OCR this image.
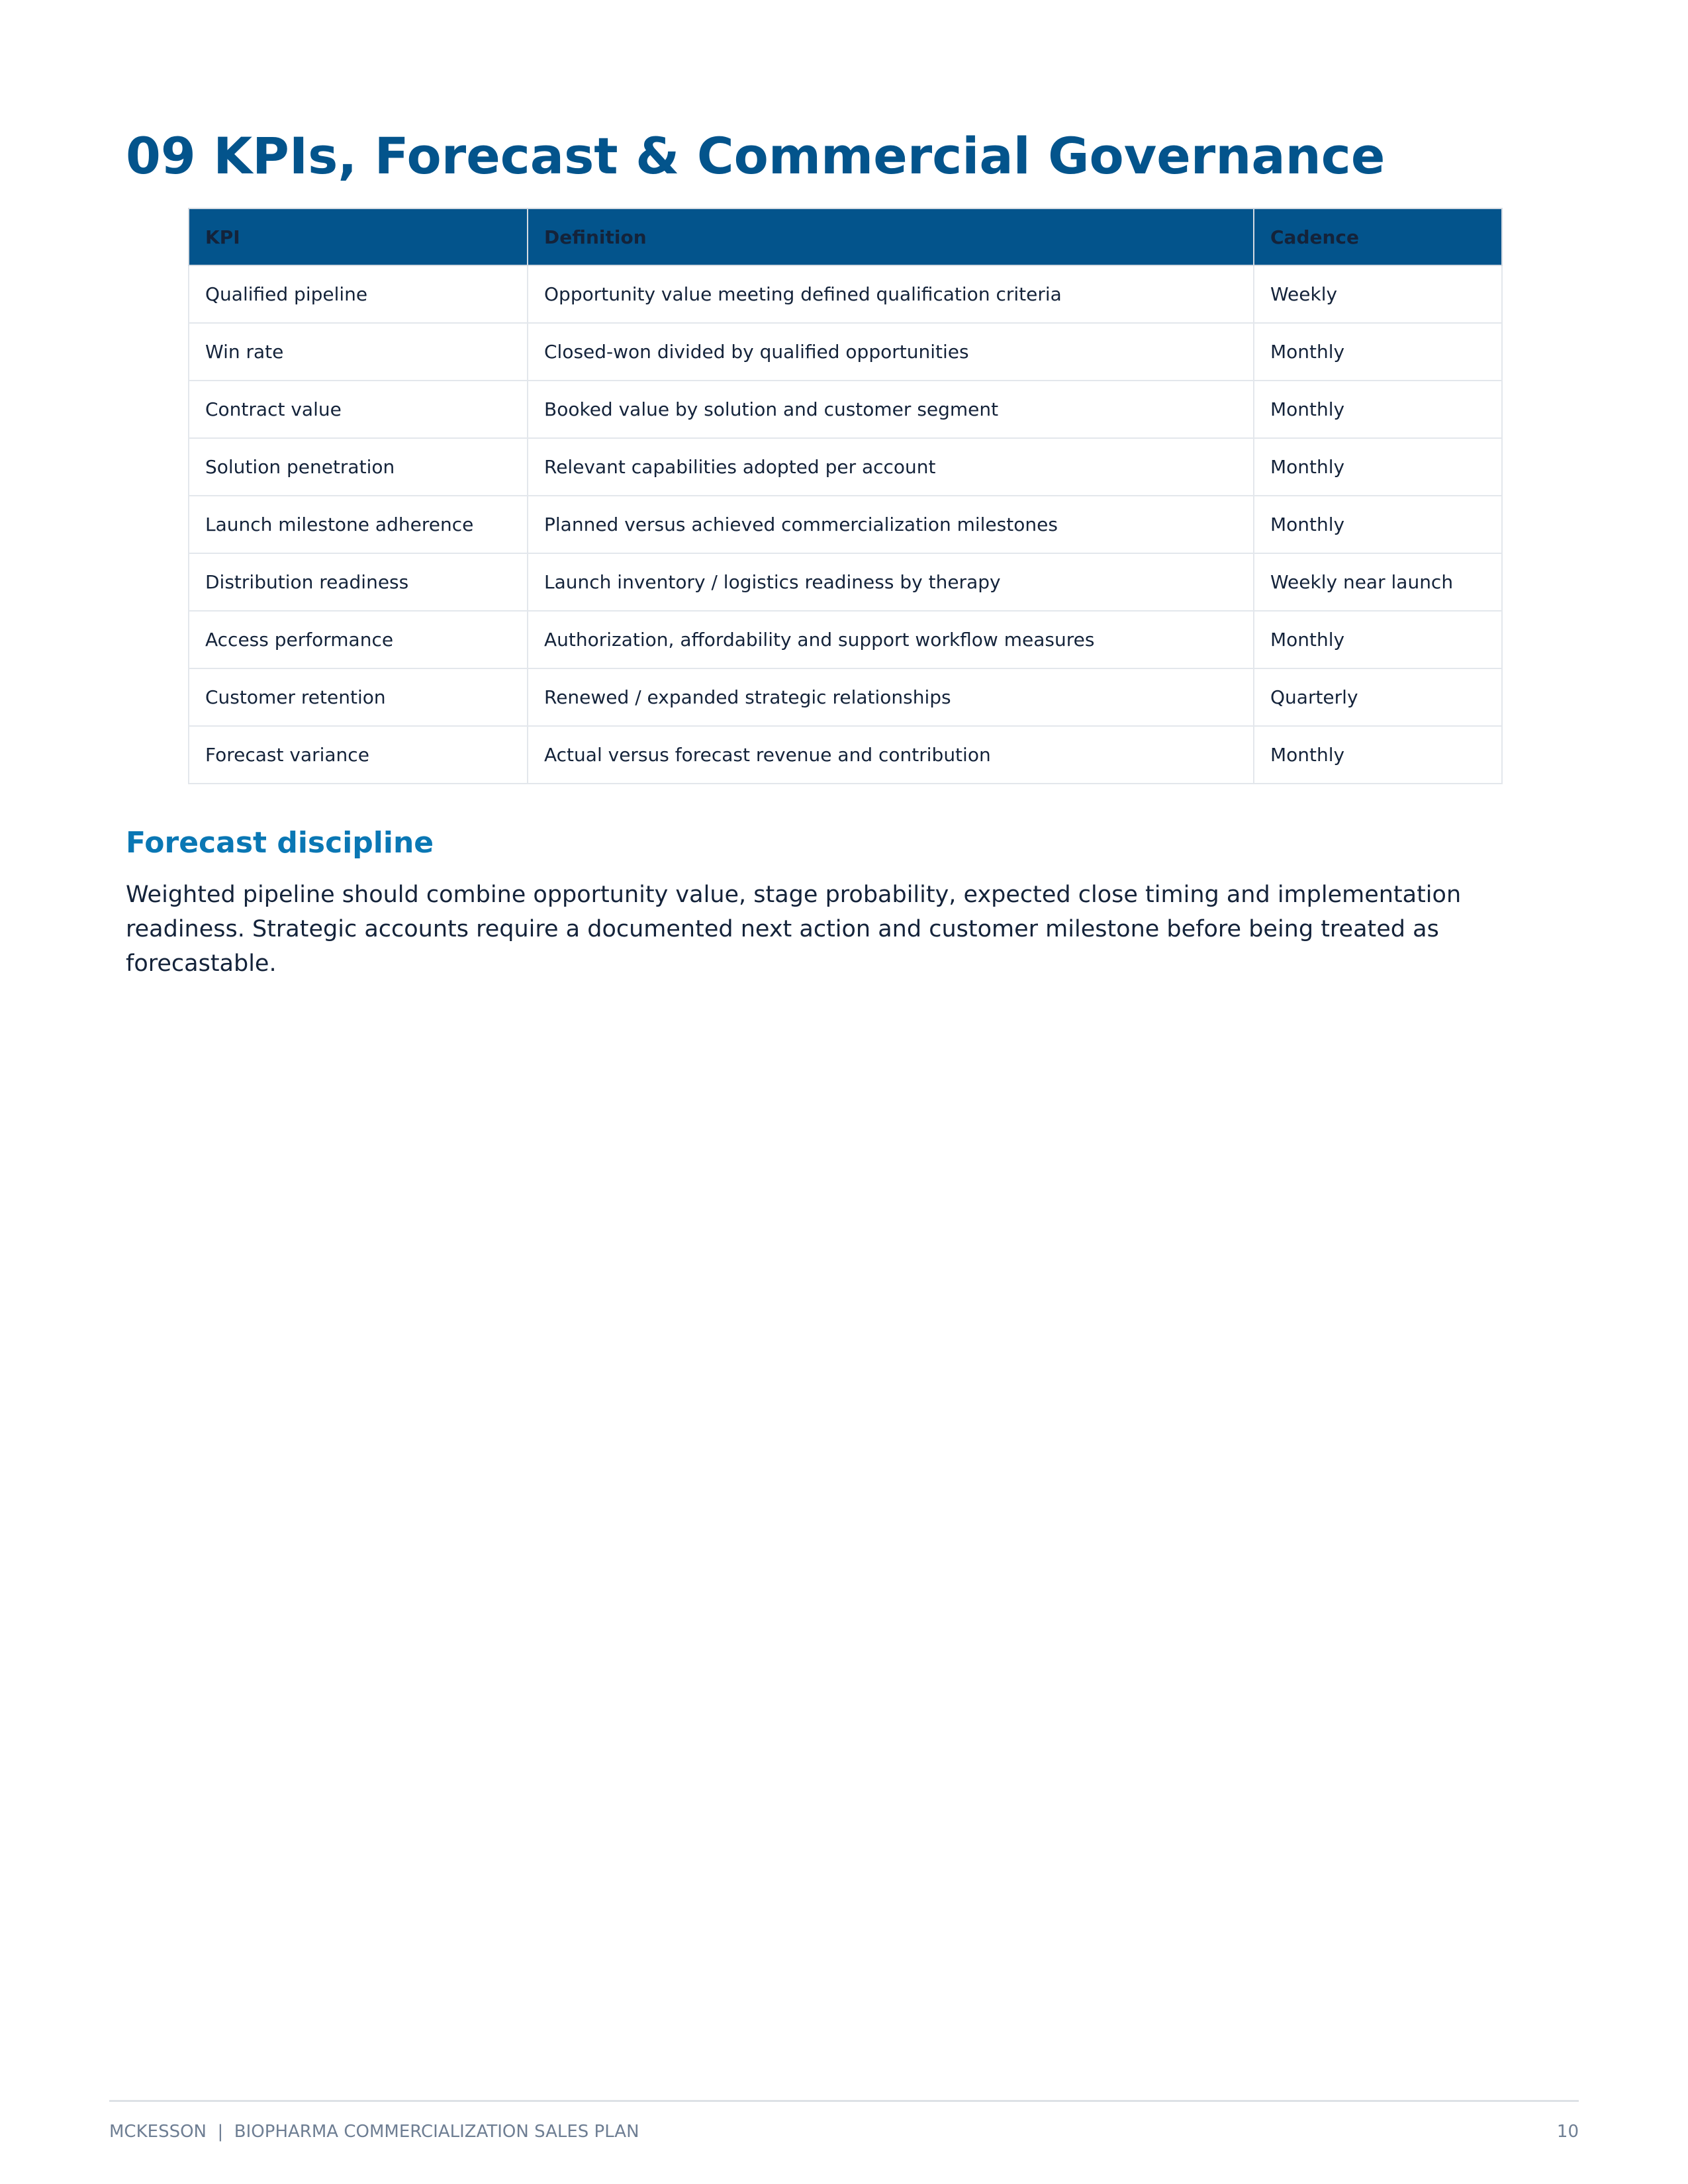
09 KPIs, Forecast & Commercial Governance
KPI	Definition	Cadence
Qualified pipeline	Opportunity value meeting defined qualification criteria	Weekly
Win rate	Closed-won divided by qualified opportunities	Monthly
Contract value	Booked value by solution and customer segment	Monthly
Solution penetration	Relevant capabilities adopted per account	Monthly
Launch milestone adherence	Planned versus achieved commercialization milestones	Monthly
Distribution readiness	Launch inventory / logistics readiness by therapy	Weekly near launch
Access performance	Authorization, affordability and support workflow measures	Monthly
Customer retention	Renewed / expanded strategic relationships	Quarterly
Forecast variance	Actual versus forecast revenue and contribution	Monthly
Forecast discipline

Weighted pipeline should combine opportunity value, stage probability, expected close timing and implementation readiness. Strategic accounts require a documented next action and customer milestone before being treated as forecastable.

MCKESSON  |  BIOPHARMA COMMERCIALIZATION SALES PLAN	10
